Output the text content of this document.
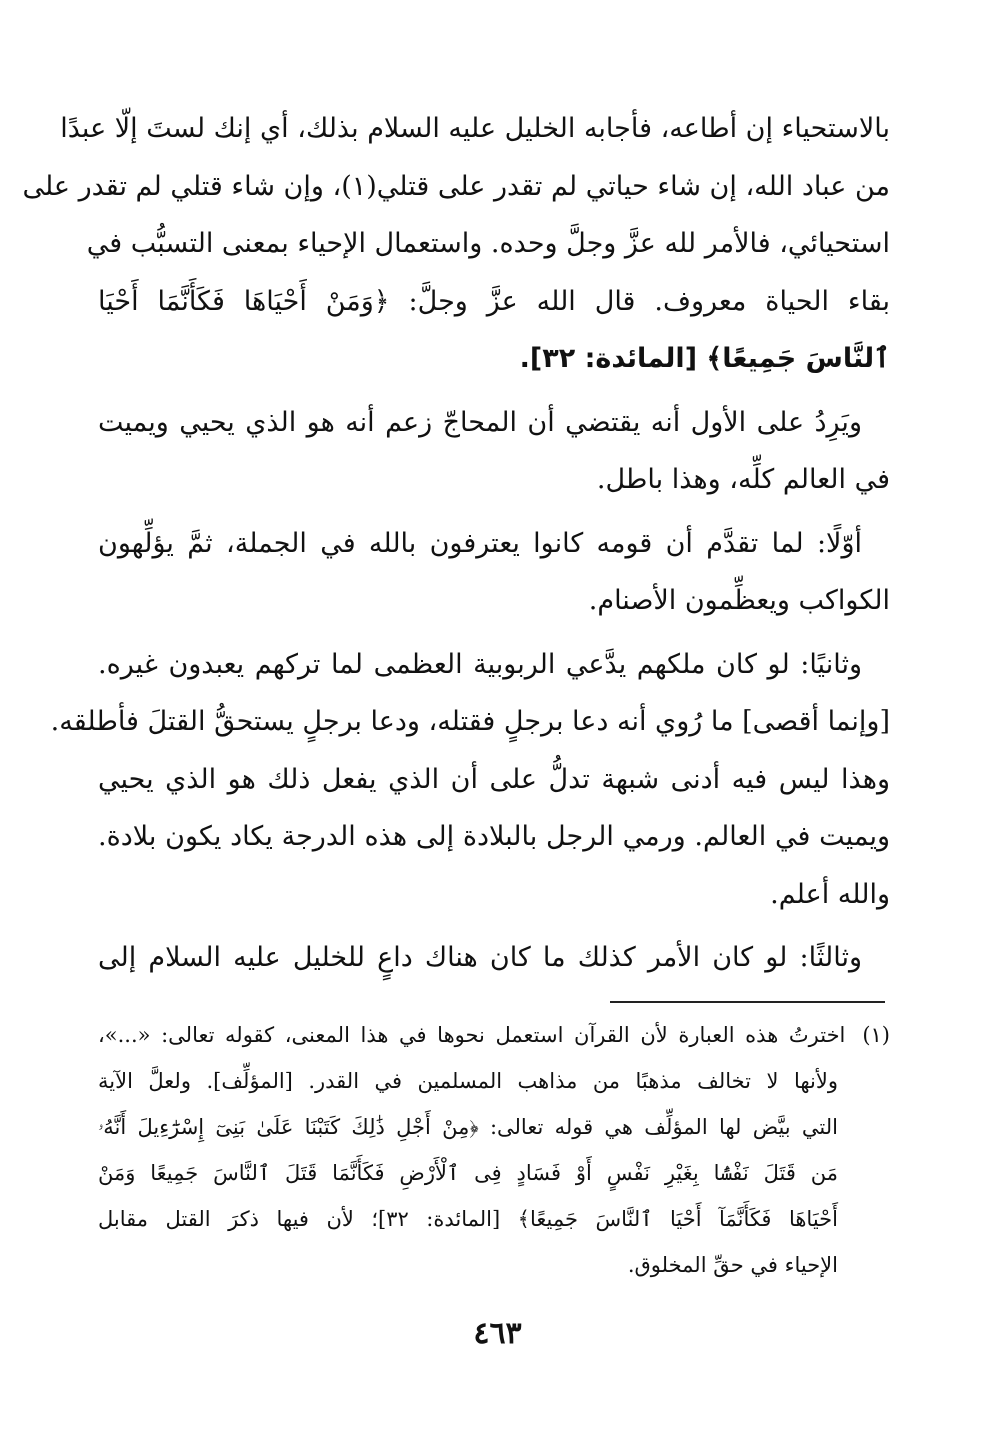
بالاستحياء إن أطاعه، فأجابه الخليل عليه السلام بذلك، أي إنك لستَ إلّا عبدًا
من عباد الله، إن شاء حياتي لم تقدر على قتلي(١)، وإن شاء قتلي لم تقدر على
استحيائي، فالأمر لله عزَّ وجلَّ وحده. واستعمال الإحياء بمعنى التسبُّب في
بقاء الحياة معروف. قال الله عزَّ وجلَّ: ﴿وَمَنْ أَحْيَاهَا فَكَأَنَّمَا أَحْيَا
ٱلنَّاسَ جَمِيعًا﴾ [المائدة: ٣٢].

ويَرِدُ على الأول أنه يقتضي أن المحاجّ زعم أنه هو الذي يحيي ويميت
في العالم كلِّه، وهذا باطل.

أوّلًا: لما تقدَّم أن قومه كانوا يعترفون بالله في الجملة، ثمَّ يؤلِّهون
الكواكب ويعظِّمون الأصنام.

وثانيًا: لو كان ملكهم يدَّعي الربوبية العظمى لما تركهم يعبدون غيره.
[وإنما أقصى] ما رُوي أنه دعا برجلٍ فقتله، ودعا برجلٍ يستحقُّ القتلَ فأطلقه.
وهذا ليس فيه أدنى شبهة تدلُّ على أن الذي يفعل ذلك هو الذي يحيي
ويميت في العالم. ورمي الرجل بالبلادة إلى هذه الدرجة يكاد يكون بلادة.
والله أعلم.

وثالثًا: لو كان الأمر كذلك ما كان هناك داعٍ للخليل عليه السلام إلى

(١) اخترتُ هذه العبارة لأن القرآن استعمل نحوها في هذا المعنى، كقوله تعالى: «...»،
ولأنها لا تخالف مذهبًا من مذاهب المسلمين في القدر. [المؤلِّف]. ولعلَّ الآية
التي بيَّض لها المؤلِّف هي قوله تعالى: ﴿مِنْ أَجْلِ ذَٰلِكَ كَتَبْنَا عَلَىٰ بَنِىٓ إِسْرَٰٓءِيلَ أَنَّهُۥ
مَن قَتَلَ نَفْسًۢا بِغَيْرِ نَفْسٍ أَوْ فَسَادٍ فِى ٱلْأَرْضِ فَكَأَنَّمَا قَتَلَ ٱلنَّاسَ جَمِيعًا وَمَنْ
أَحْيَاهَا فَكَأَنَّمَآ أَحْيَا ٱلنَّاسَ جَمِيعًا﴾ [المائدة: ٣٢]؛ لأن فيها ذكرَ القتل مقابل
الإحياء في حقِّ المخلوق.
٤٦٣
